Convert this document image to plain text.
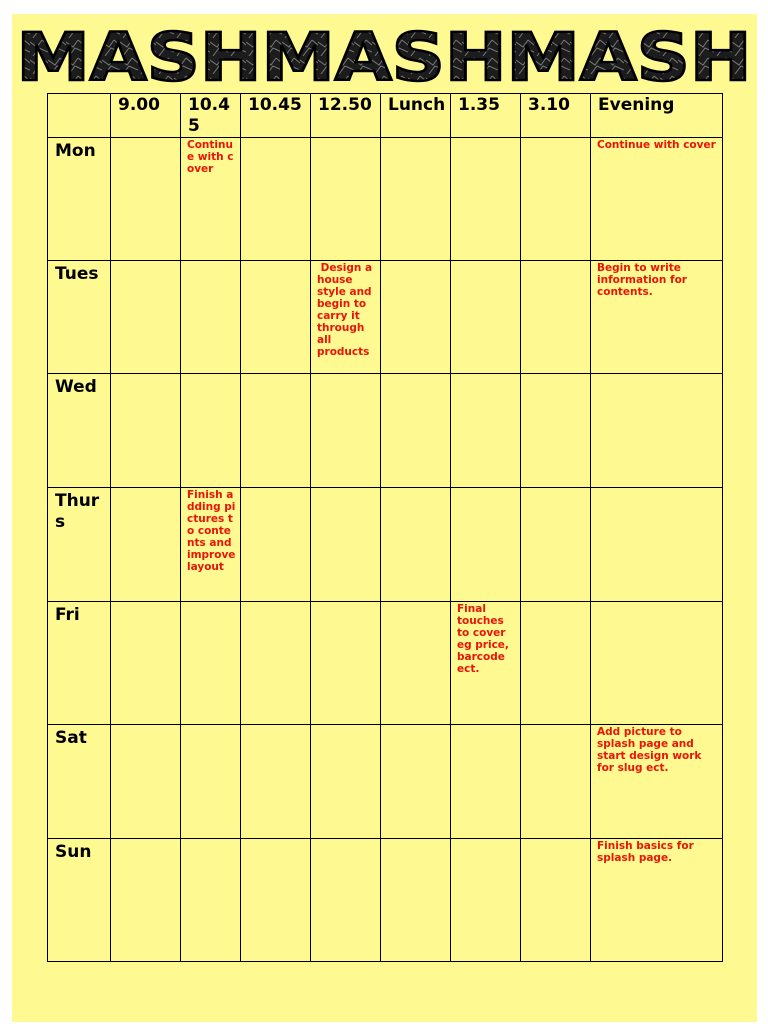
MASHMASHMASH

	9.00	10.45	10.45	12.50	Lunch	1.35	3.10	Evening

Mon		Continue with cover						Continue with cover

Tues				Design a house style and begin to carry it through all products				Begin to write information for contents.

Wed								

Thurs		Finish adding pictures to contents and improve layout						

Fri						Final touches to cover eg price, barcode ect.		

Sat								Add picture to splash page and start design work for slug ect.

Sun								Finish basics for splash page.
